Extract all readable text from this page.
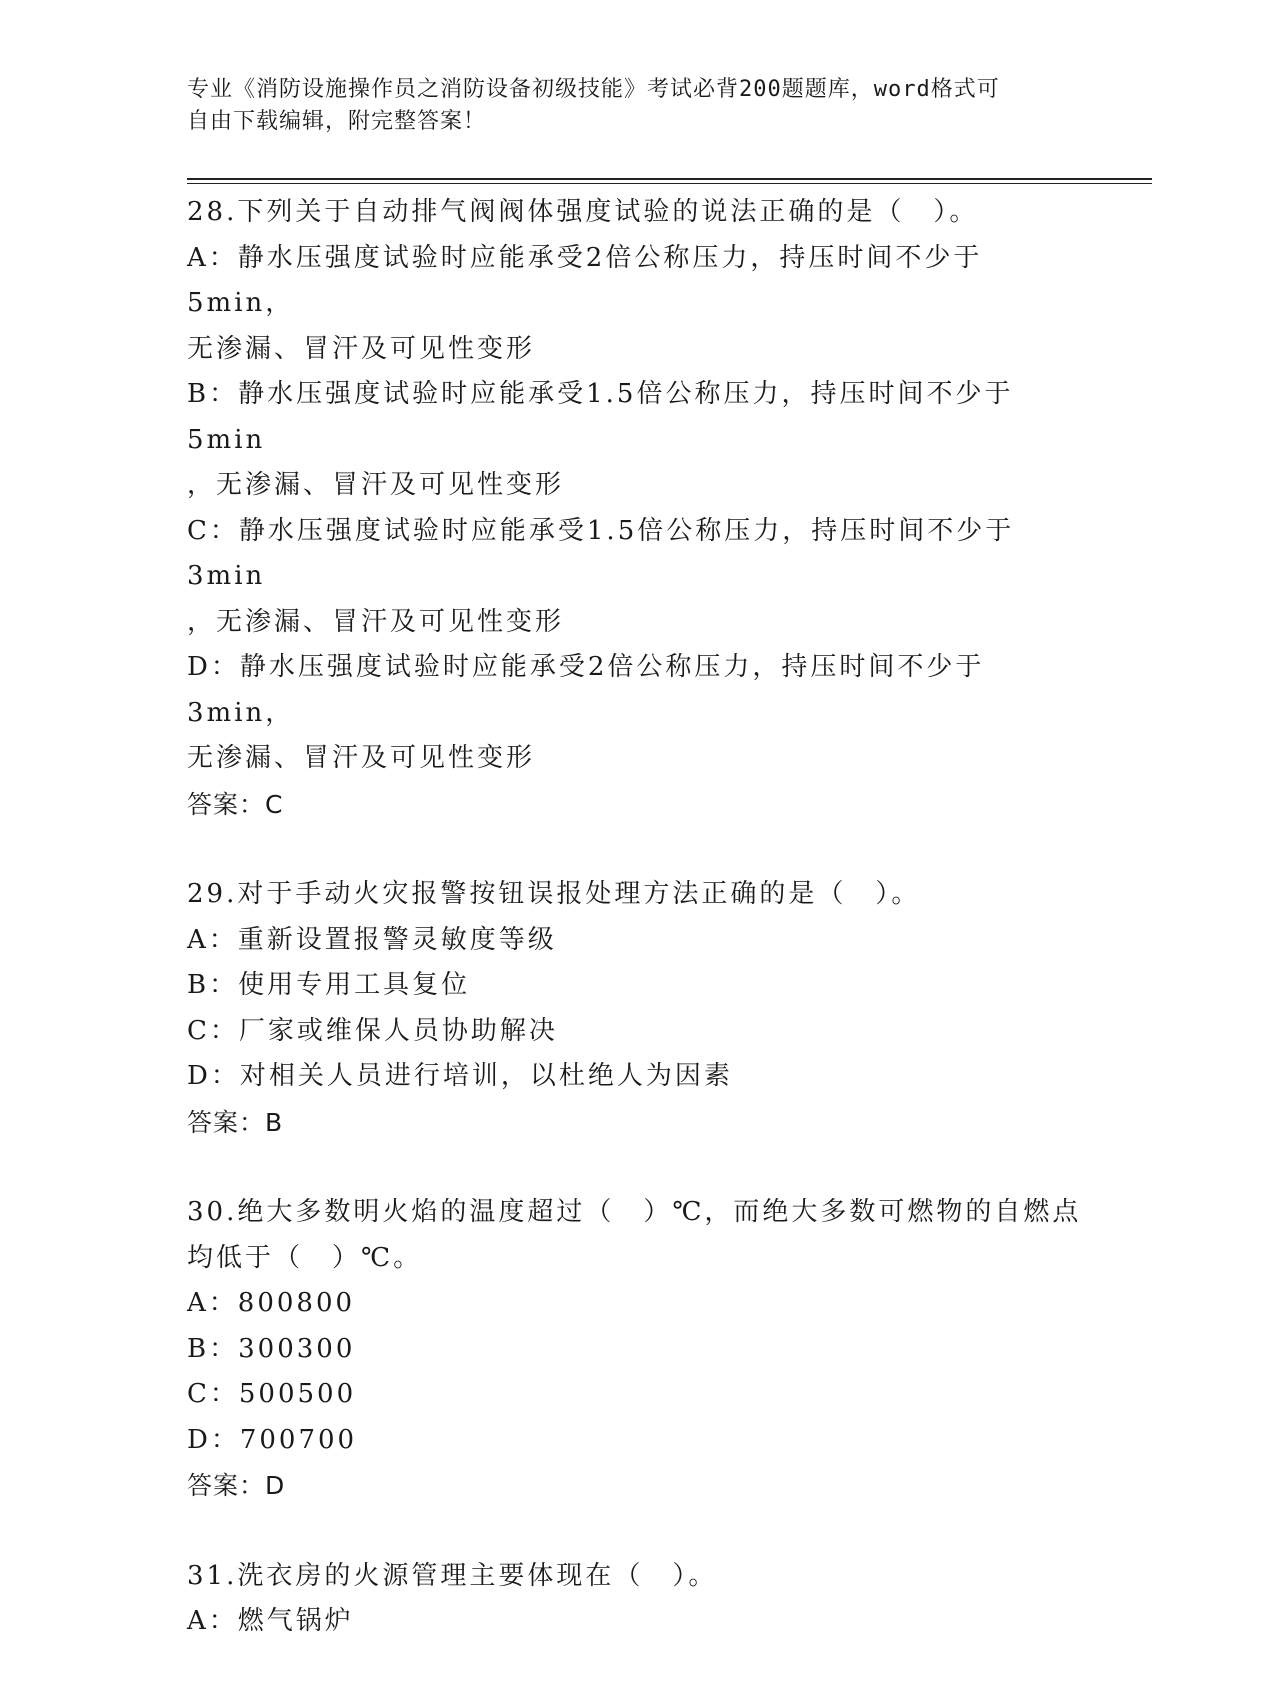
专业《消防设施操作员之消防设备初级技能》考试必背200题题库，word格式可
自由下载编辑，附完整答案！

28.下列关于自动排气阀阀体强度试验的说法正确的是（　）。

A：静水压强度试验时应能承受2倍公称压力，持压时间不少于5min，

无渗漏、冒汗及可见性变形

B：静水压强度试验时应能承受1.5倍公称压力，持压时间不少于5min

，无渗漏、冒汗及可见性变形

C：静水压强度试验时应能承受1.5倍公称压力，持压时间不少于3min

，无渗漏、冒汗及可见性变形

D：静水压强度试验时应能承受2倍公称压力，持压时间不少于3min，

无渗漏、冒汗及可见性变形

答案：C

29.对于手动火灾报警按钮误报处理方法正确的是（　）。

A：重新设置报警灵敏度等级

B：使用专用工具复位

C：厂家或维保人员协助解决

D：对相关人员进行培训，以杜绝人为因素

答案：B

30.绝大多数明火焰的温度超过（　）℃，而绝大多数可燃物的自燃点

均低于（　）℃。

A：800800

B：300300

C：500500

D：700700

答案：D

31.洗衣房的火源管理主要体现在（　）。

A：燃气锅炉
